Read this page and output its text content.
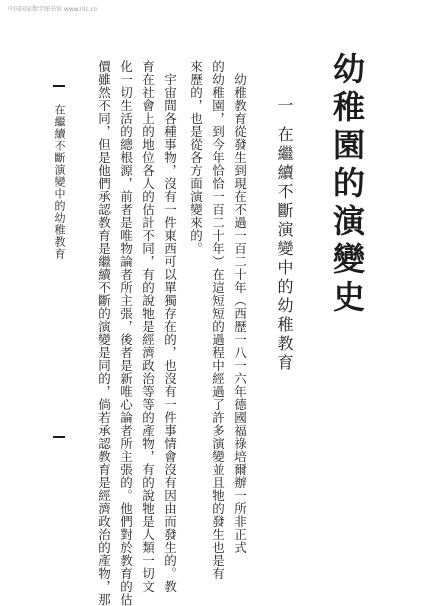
中国国家数字图书馆 www.nlc.cn
幼稚園的演變史
一
在繼續不斷演變中的幼稚教育
　幼稚教育從發生到現在不過一百二十年（西歷一八一六年德國福祿培爾辦一所非正式
的幼稚園，到今年恰恰一百二十年）在這短短的過程中經過了許多演變並且牠的發生也是有
來歷的，也是從各方面演變來的。
　宇宙間各種事物，沒有一件東西可以單獨存在的，也沒有一件事情會沒有因由而發生的。教
育在社會上的地位各人的估計不同，有的說牠是經濟政治等等的產物，有的說牠是人類一切文
化一切生活的總根源，前者是唯物論者所主張，後者是新唯心論者所主張的。他們對於教育的估
價雖然不同，但是他們承認教育是繼續不斷的演變是同的，倘若承認教育是經濟政治的產物，那
在繼續不斷演變中的幼稚教育
